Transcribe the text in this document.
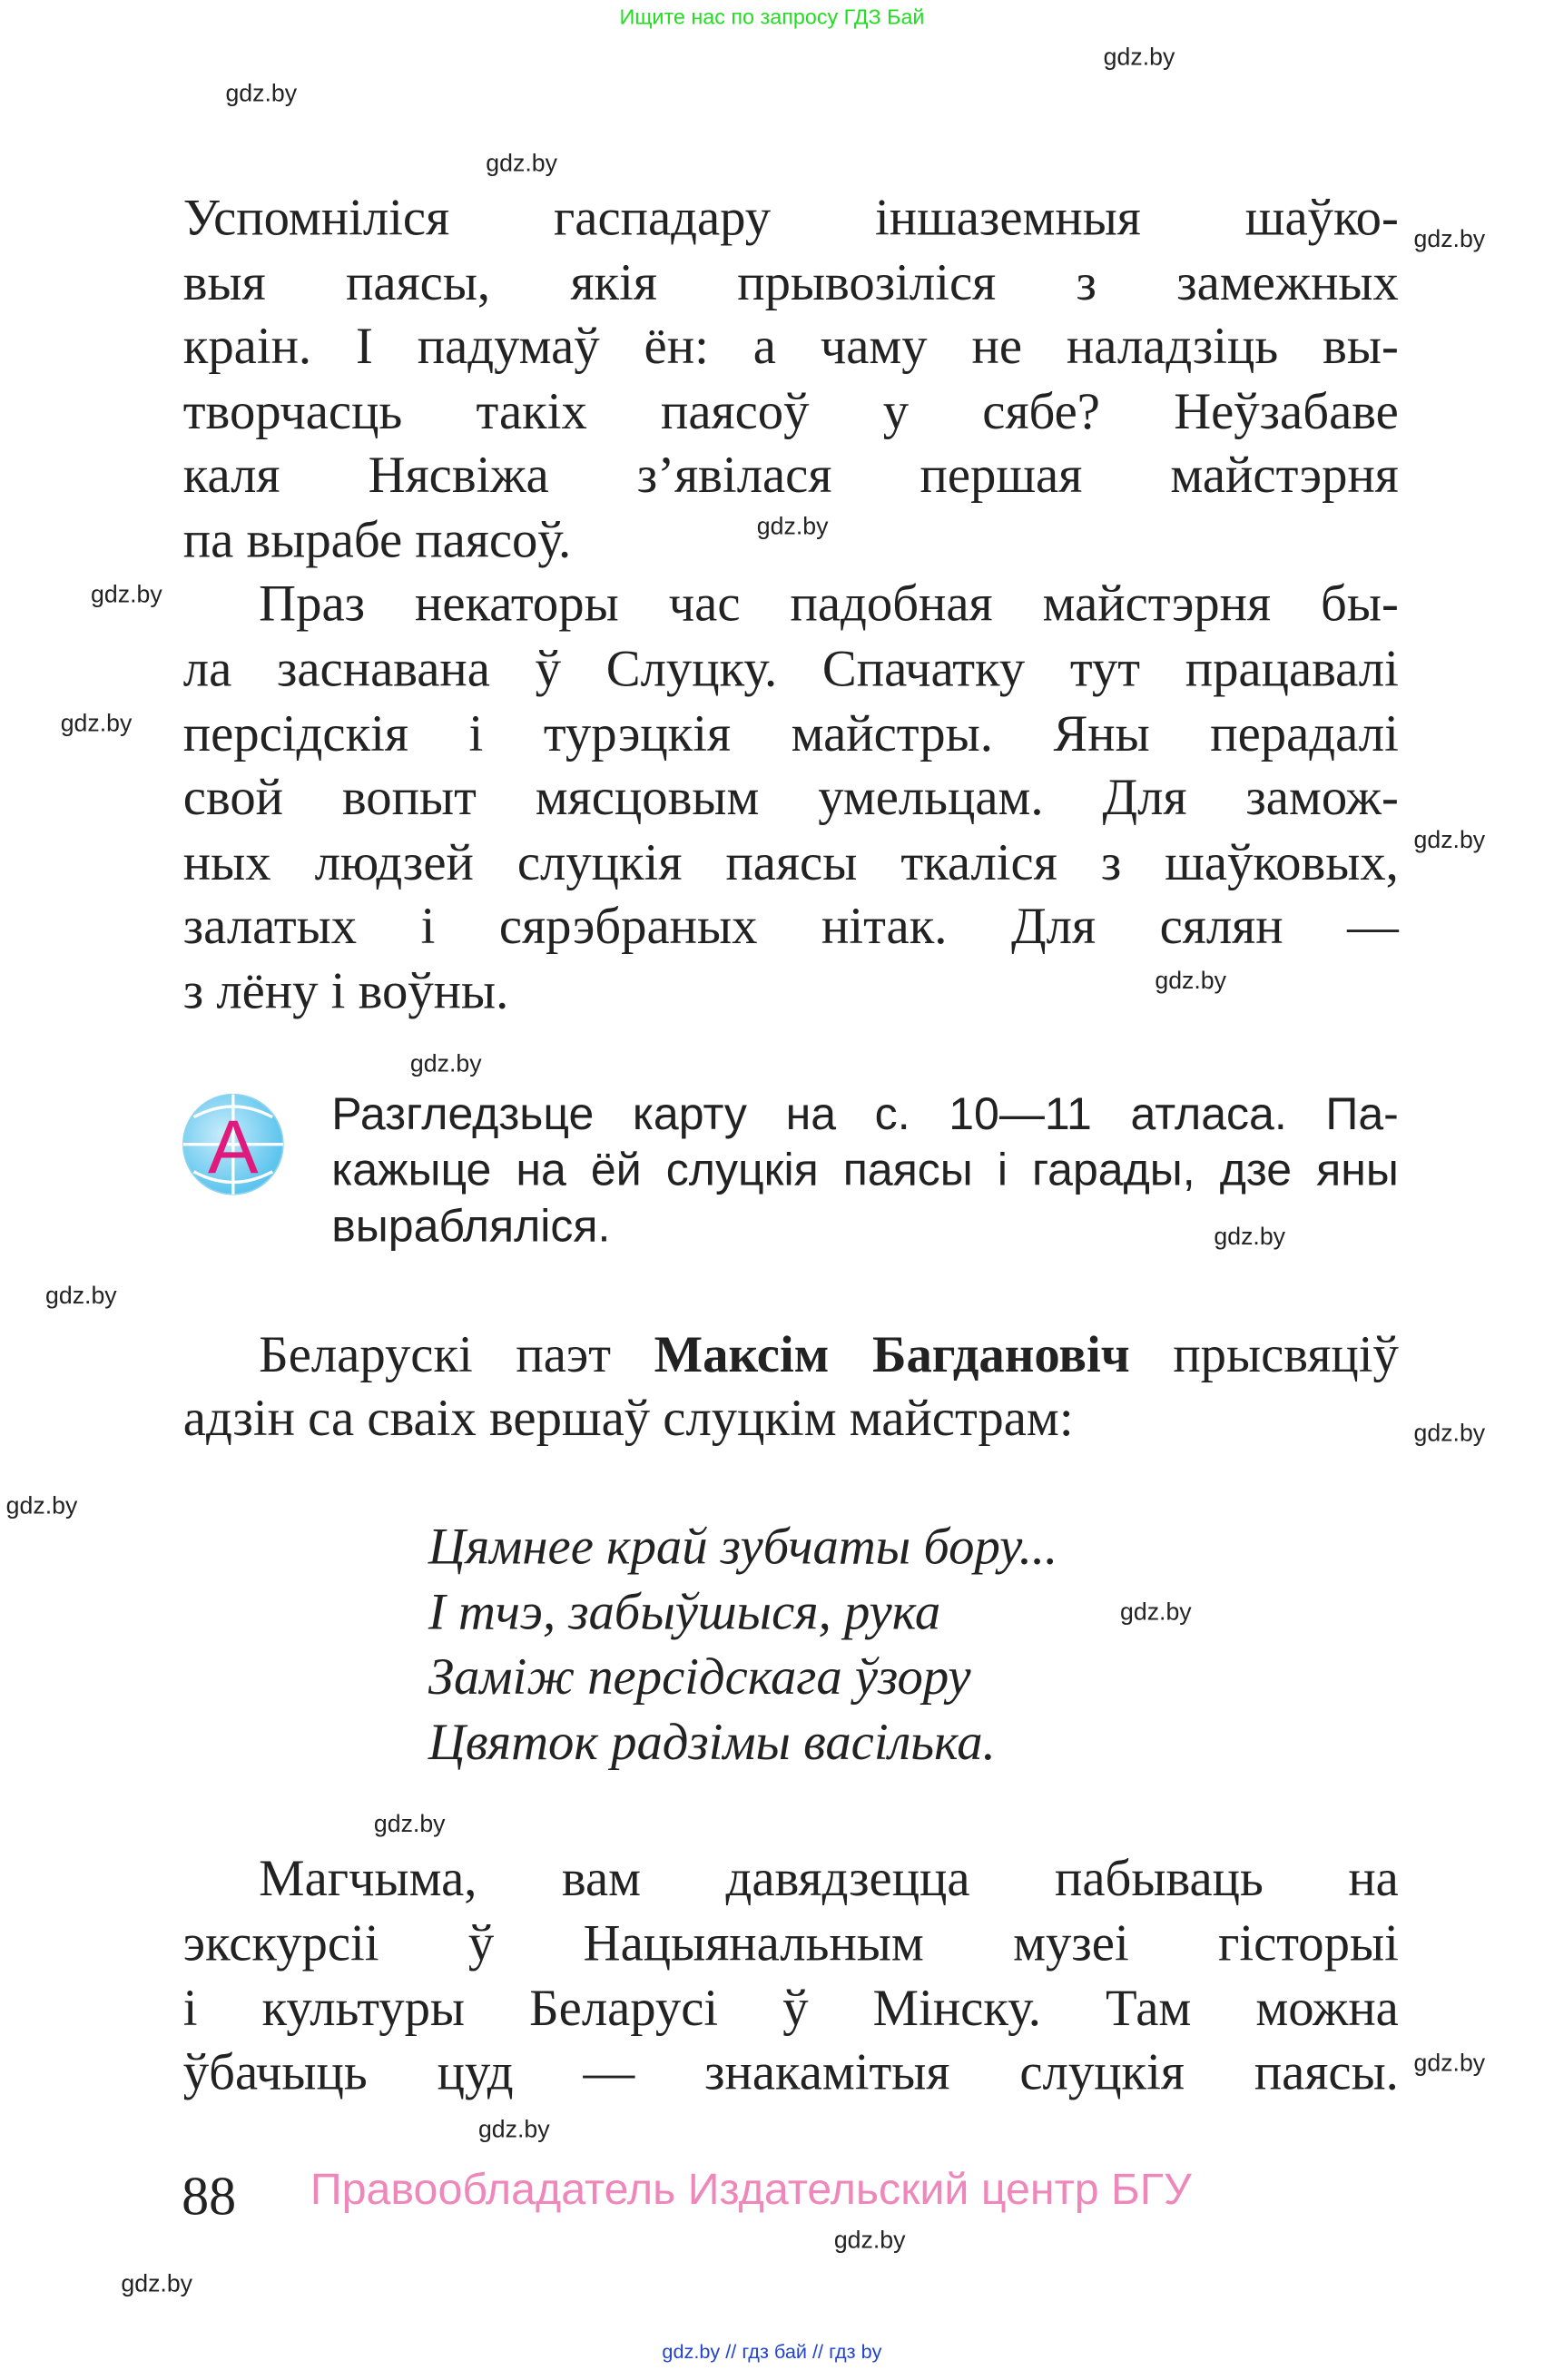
Ищите нас по запросу ГДЗ Бай
Успомніліся гаспадару іншаземныя шаўко-
выя паясы, якія прывозіліся з замежных
краін. І падумаў ён: а чаму не наладзіць вы-
творчасць такіх паясоў у сябе? Неўзабаве
каля Нясвіжа з’явілася першая майстэрня
па вырабе паясоў.
Праз некаторы час падобная майстэрня бы-
ла заснавана ў Слуцку. Спачатку тут працавалі
персідскія і турэцкія майстры. Яны перадалі
свой вопыт мясцовым умельцам. Для замож-
ных людзей слуцкія паясы ткаліся з шаўковых,
залатых і сярэбраных нітак. Для сялян —
з лёну і воўны.
А	Разгледзьце карту на с. 10—11 атласа. Па-
кажыце на ёй слуцкія паясы і гарады, дзе яны
выраблялiся.
Беларускі паэт Максім Багдановіч прысвяціў
адзін са сваіх вершаў слуцкім майстрам:
Цямнее край зубчаты бору...
І тчэ, забыўшыся, рука
Заміж персідскага ўзору
Цвяток радзімы васілька.
Магчыма, вам давядзецца пабываць на
экскурсіі ў Нацыянальным музеі гісторыі
і культуры Беларусі ў Мінску. Там можна
ўбачыць цуд — знакамітыя слуцкія паясы.
88	Правообладатель Издательский центр БГУ
gdz.by // гдз бай // гдз by
gdz.by
gdz.by
gdz.by
gdz.by
gdz.by
gdz.by
gdz.by
gdz.by
gdz.by
gdz.by
gdz.by
gdz.by
gdz.by
gdz.by
gdz.by
gdz.by
gdz.by
gdz.by
gdz.by
gdz.by
